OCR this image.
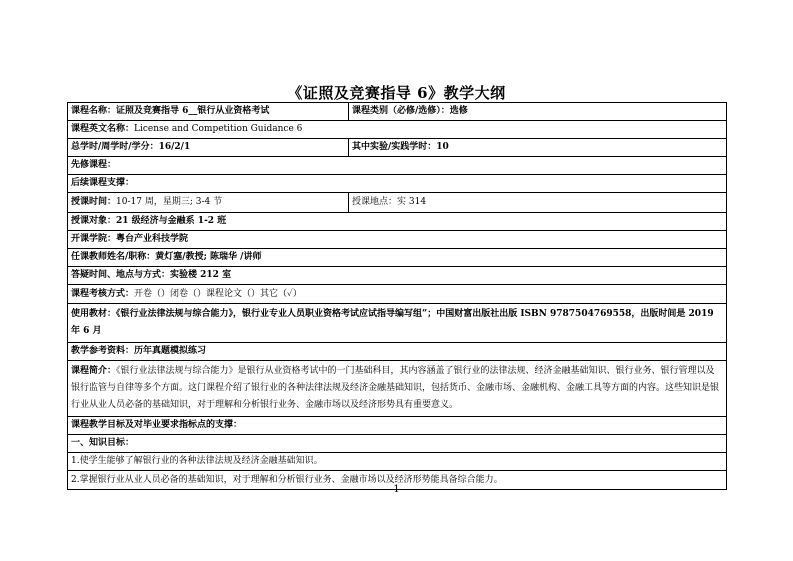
《证照及竞赛指导 6》教学大纲
课程名称：证照及竞赛指导 6__银行从业资格考试	课程类别（必修/选修）：选修
课程英文名称：License and Competition Guidance 6	
总学时/周学时/学分：16/2/1	其中实验/实践学时：10
先修课程：	
后续课程支撑：	
授课时间：10-17 周，星期三; 3-4 节	授课地点：实 314
授课对象：21 级经济与金融系 1-2 班	
开课学院：粤台产业科技学院	
任课教师姓名/职称：黄灯塞/教授; 陈瑞华 /讲师	
答疑时间、地点与方式：实验楼 212 室	
课程考核方式：开卷（）闭卷（）课程论文（）其它（✓）	
使用教材：《银行业法律法规与综合能力》，银行业专业人员职业资格考试应试指导编写组”；中国财富出版社出版 ISBN 9787504769558，出版时间是 2019 年 6 月	
教学参考资料：历年真题模拟练习	
课程简介：《银行业法律法规与综合能力》是银行从业资格考试中的一门基础科目，其内容涵盖了银行业的法律法规、经济金融基础知识、银行业务、银行管理以及银行监管与自律等多个方面。这门课程介绍了银行业的各种法律法规及经济金融基础知识，包括货币、金融市场、金融机构、金融工具等方面的内容。这些知识是银行业从业人员必备的基础知识，对于理解和分析银行业务、金融市场以及经济形势具有重要意义。	
课程教学目标及对毕业要求指标点的支撑：	
一、知识目标：	
1.使学生能够了解银行业的各种法律法规及经济金融基础知识。	
2.掌握银行业从业人员必备的基础知识，对于理解和分析银行业务、金融市场以及经济形势能具备综合能力。	
1
